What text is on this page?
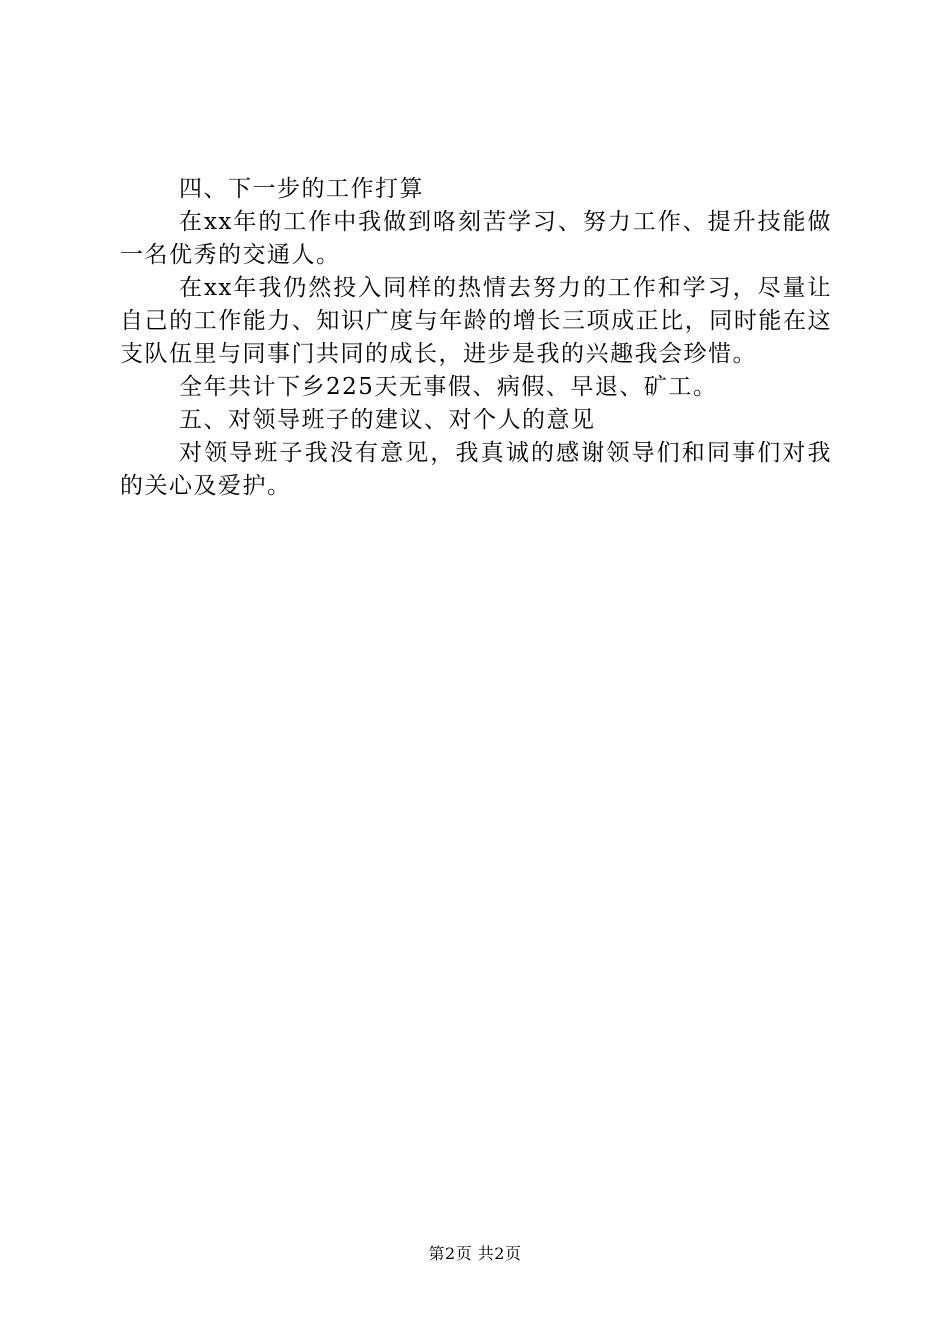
四、下一步的工作打算

在xx年的工作中我做到咯刻苦学习、努力工作、提升技能做一名优秀的交通人。

在xx年我仍然投入同样的热情去努力的工作和学习，尽量让自己的工作能力、知识广度与年龄的增长三项成正比，同时能在这支队伍里与同事门共同的成长，进步是我的兴趣我会珍惜。

全年共计下乡225天无事假、病假、早退、矿工。

五、对领导班子的建议、对个人的意见

对领导班子我没有意见，我真诚的感谢领导们和同事们对我的关心及爱护。

第2页 共2页
